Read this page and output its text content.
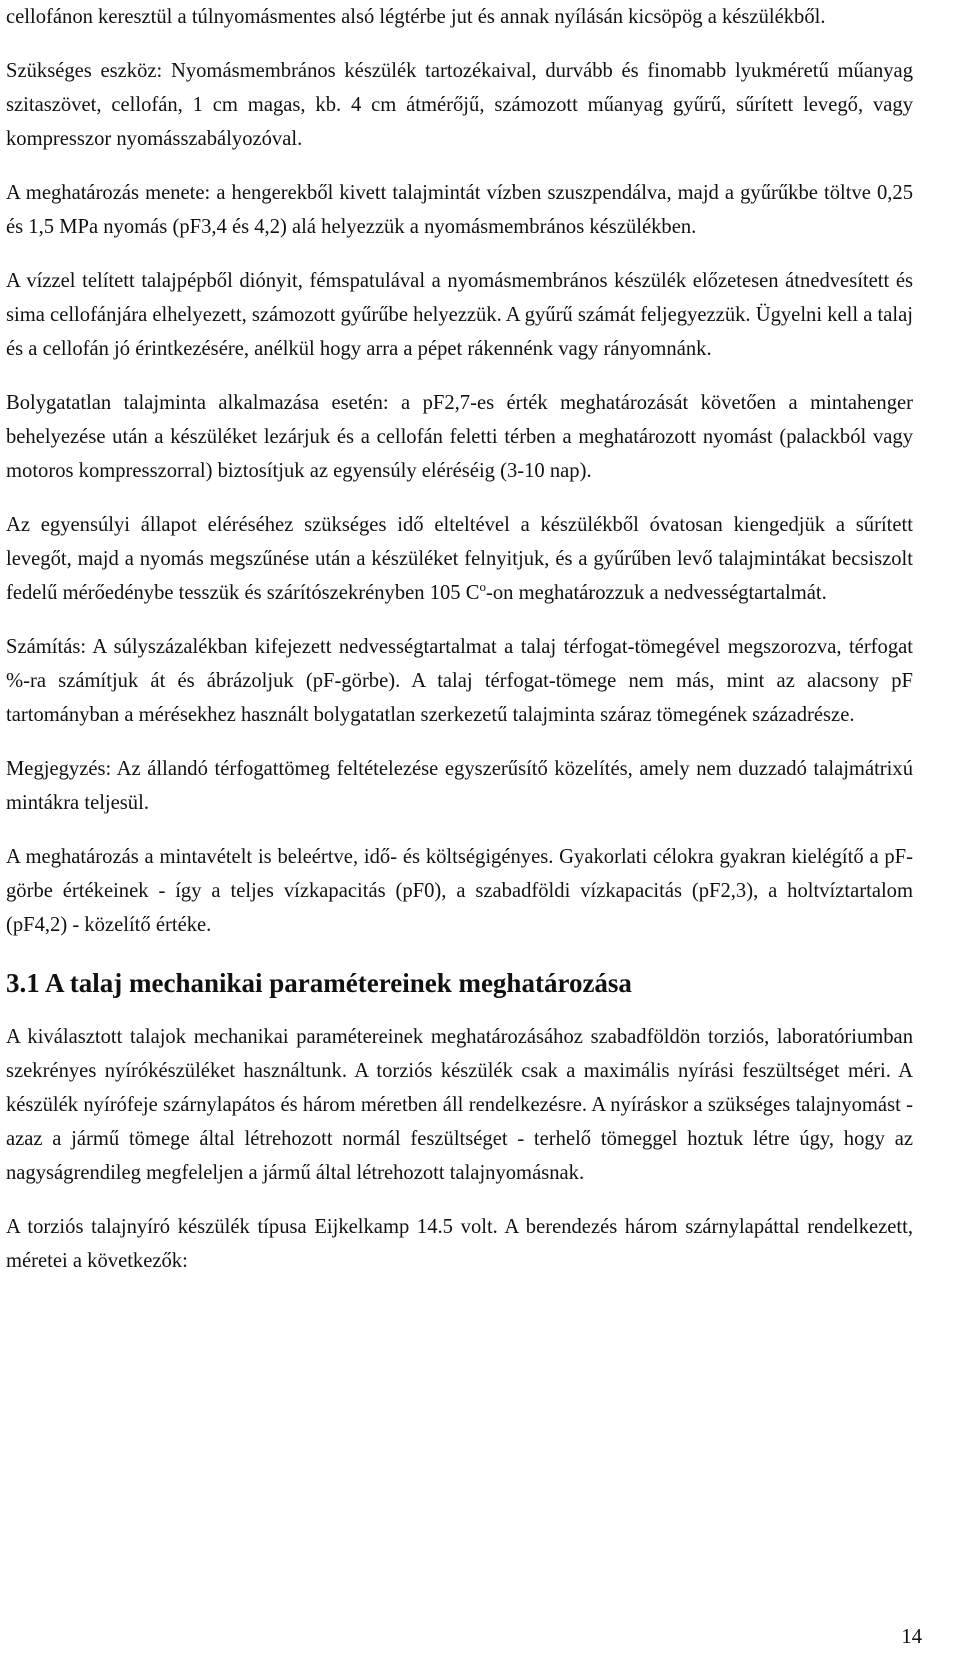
cellofánon keresztül a túlnyomásmentes alsó légtérbe jut és annak nyílásán kicsöpög a készülékből.

Szükséges eszköz: Nyomásmembrános készülék tartozékaival, durvább és finomabb lyukméretű műanyag szitaszövet, cellofán, 1 cm magas, kb. 4 cm átmérőjű, számozott műanyag gyűrű, sűrített levegő, vagy kompresszor nyomásszabályozóval.

A meghatározás menete: a hengerekből kivett talajmintát vízben szuszpendálva, majd a gyűrűkbe töltve 0,25 és 1,5 MPa nyomás (pF3,4 és 4,2) alá helyezzük a nyomásmembrános készülékben.

A vízzel telített talajpépből diónyit, fémspatulával a nyomásmembrános készülék előzetesen átnedvesített és sima cellofánjára elhelyezett, számozott gyűrűbe helyezzük. A gyűrű számát feljegyezzük. Ügyelni kell a talaj és a cellofán jó érintkezésére, anélkül hogy arra a pépet rákennénk vagy rányomnánk.

Bolygatatlan talajminta alkalmazása esetén: a pF2,7-es érték meghatározását követően a mintahenger behelyezése után a készüléket lezárjuk és a cellofán feletti térben a meghatározott nyomást (palackból vagy motoros kompresszorral) biztosítjuk az egyensúly eléréséig (3-10 nap).

Az egyensúlyi állapot eléréséhez szükséges idő elteltével a készülékből óvatosan kiengedjük a sűrített levegőt, majd a nyomás megszűnése után a készüléket felnyitjuk, és a gyűrűben levő talajmintákat becsiszolt fedelű mérőedénybe tesszük és szárítószekrényben 105 $C^o-on$ meghatározzuk a nedvességtartalmát.

Számítás: A súlyszázalékban kifejezett nedvességtartalmat a talaj térfogat-tömegével megszorozva, térfogat %-ra számítjuk át és ábrázoljuk (pF-görbe). A talaj térfogat-tömege nem más, mint az alacsony pF tartományban a mérésekhez használt bolygatatlan szerkezetű talajminta száraz tömegének századrésze.

Megjegyzés: Az állandó térfogattömeg feltételezése egyszerűsítő közelítés, amely nem duzzadó talajmátrixú mintákra teljesül.

A meghatározás a mintavételt is beleértve, idő- és költségigényes. Gyakorlati célokra gyakran kielégítő a pF-görbe értékeinek - így a teljes vízkapacitás (pF0), a szabadföldi vízkapacitás (pF2,3), a holtvíztartalom (pF4,2) - közelítő értéke.

3.1 A talaj mechanikai paramétereinek meghatározása

A kiválasztott talajok mechanikai paramétereinek meghatározásához szabadföldön torziós, laboratóriumban szekrényes nyírókészüléket használtunk. A torziós készülék csak a maximális nyírási feszültséget méri. A készülék nyírófeje szárnylapátos és három méretben áll rendelkezésre. A nyíráskor a szükséges talajnyomást - azaz a jármű tömege által létrehozott normál feszültséget - terhelő tömeggel hoztuk létre úgy, hogy az nagyságrendileg megfeleljen a jármű által létrehozott talajnyomásnak.

A torziós talajnyíró készülék típusa Eijkelkamp 14.5 volt. A berendezés három szárnylapáttal rendelkezett, méretei a következők:

14
